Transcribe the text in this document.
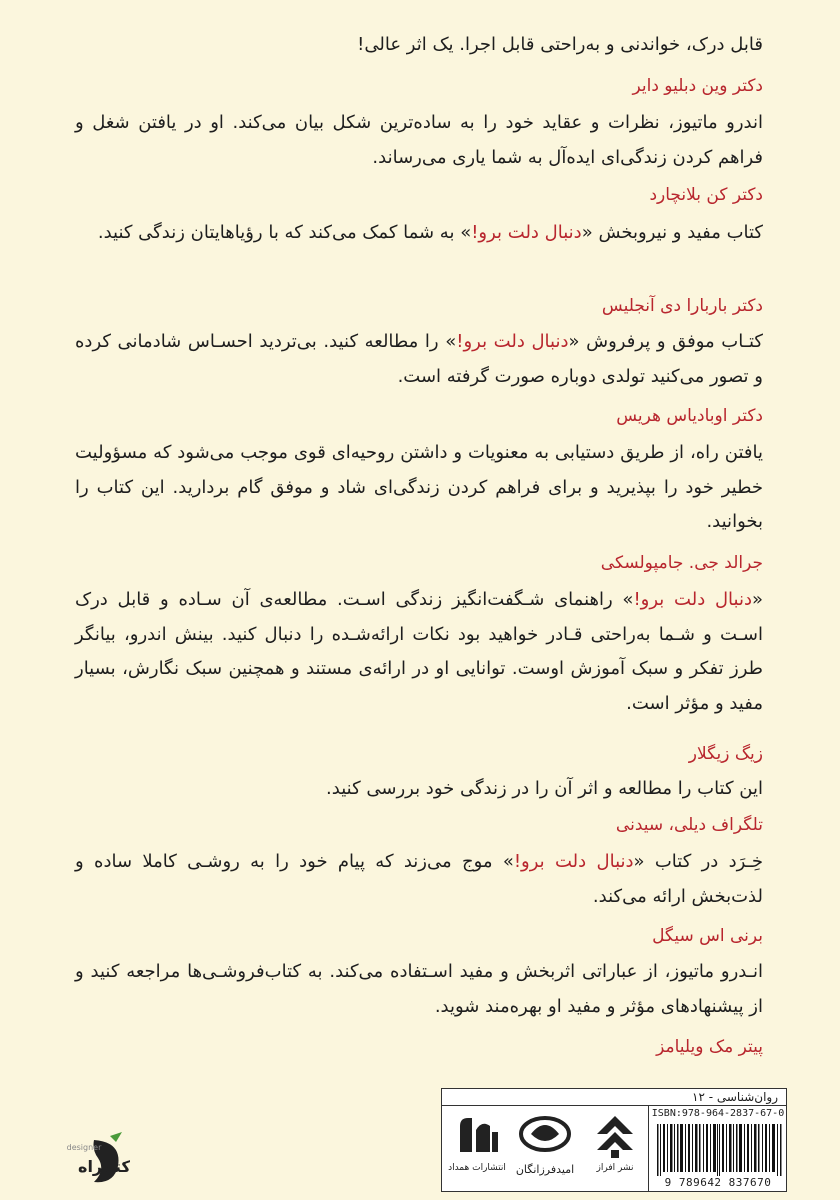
قابل درک، خواندنی و به‌راحتی قابل اجرا. یک اثر عالی!

دکتر وین دبلیو دایر

اندرو ماتیوز، نظرات و عقاید خود را به ساده‌ترین شکل بیان می‌کند. او در یافتن شغل و فراهم کردن زندگی‌ای ایده‌آل به شما یاری می‌رساند.

دکتر کن بلانچارد

کتاب مفید و نیروبخش «دنبال دلت برو!» به شما کمک می‌کند که با رؤیاهایتان زندگی کنید.

دکتر باربارا دی آنجلیس

کتـاب موفق و پرفروش «دنبال دلت برو!» را مطالعه کنید. بی‌تردید احسـاس شادمانی کرده و تصور می‌کنید تولدی دوباره صورت گرفته است.

دکتر اوبادیاس هریس

یافتن راه، از طریق دستیابی به معنویات و داشتن روحیه‌ای قوی موجب می‌شود که مسؤولیت خطیر خود را بپذیرید و برای فراهم کردن زندگی‌ای شاد و موفق گام بردارید. این کتاب را بخوانید.

جرالد جی. جامپولسکی

«دنبال دلت برو!» راهنمای شـگفت‌انگیز زندگی اسـت. مطالعه‌ی آن سـاده و قابل درک اسـت و شـما به‌راحتی قـادر خواهید بود نکات ارائه‌شـده را دنبال کنید. بینش اندرو، بیانگر طرز تفکر و سبک آموزش اوست. توانایی او در ارائه‌ی مستند و همچنین سبک نگارش، بسیار مفید و مؤثر است.

زیگ زیگلار

این کتاب را مطالعه و اثر آن را در زندگی خود بررسی کنید.

تلگراف دیلی، سیدنی

خِـرَد در کتاب «دنبال دلت برو!» موج می‌زند که پیام خود را به روشـی کاملا ساده و لذت‌بخش ارائه می‌کند.

برنی اس سیگل

انـدرو ماتیوز، از عباراتی اثربخش و مفید اسـتفاده می‌کند. به کتاب‌فروشـی‌ها مراجعه کنید و از پیشنهادهای مؤثر و مفید او بهره‌مند شوید.

پیتر مک ویلیامز

روان‌شناسی - ۱۲
انتشارات همداد امیدفرزانگان	نشر افراز
ISBN:978-964-2837-67-0
9 789642 837670
کتابراه
designer
